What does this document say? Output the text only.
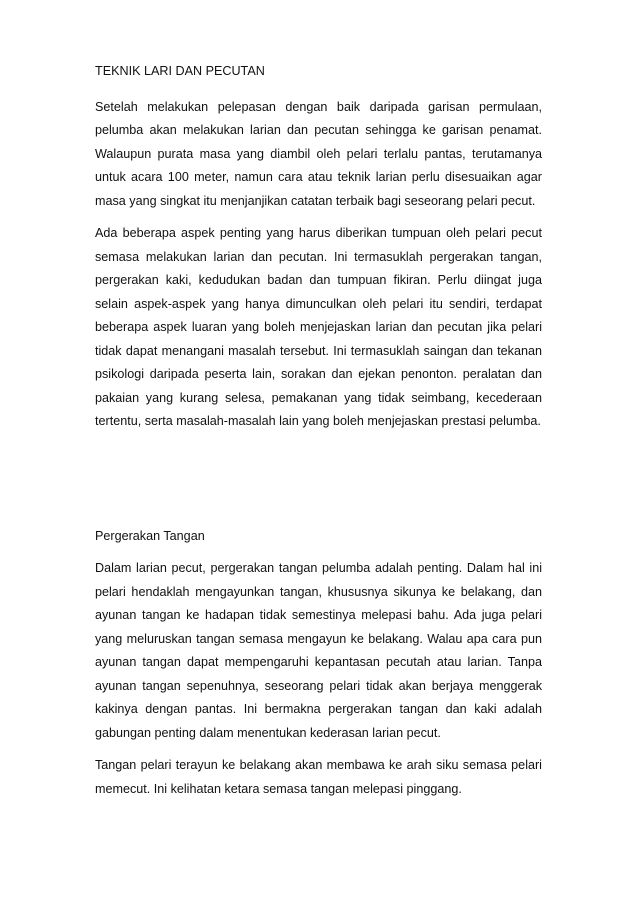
TEKNIK LARI DAN PECUTAN

Setelah melakukan pelepasan dengan baik daripada garisan permulaan, pelumba akan melakukan larian dan pecutan sehingga ke garisan penamat. Walaupun purata masa yang diambil oleh pelari terlalu pantas, terutamanya untuk acara 100 meter, namun cara atau teknik larian perlu disesuaikan agar masa yang singkat itu menjanjikan catatan terbaik bagi seseorang pelari pecut.

Ada beberapa aspek penting yang harus diberikan tumpuan oleh pelari pecut semasa melakukan larian dan pecutan. Ini termasuklah pergerakan tangan, pergerakan kaki, kedudukan badan dan tumpuan fikiran. Perlu diingat juga selain aspek-aspek yang hanya dimunculkan oleh pelari itu sendiri, terdapat beberapa aspek luaran yang boleh menjejaskan larian dan pecutan jika pelari tidak dapat menangani masalah tersebut. Ini termasuklah saingan dan tekanan psikologi daripada peserta lain, sorakan dan ejekan penonton. peralatan dan pakaian yang kurang selesa, pemakanan yang tidak seimbang, kecederaan tertentu, serta masalah-masalah lain yang boleh menjejaskan prestasi pelumba.

Pergerakan Tangan

Dalam larian pecut, pergerakan tangan pelumba adalah penting. Dalam hal ini pelari hendaklah mengayunkan tangan, khususnya sikunya ke belakang, dan ayunan tangan ke hadapan tidak semestinya melepasi bahu. Ada juga pelari yang meluruskan tangan semasa mengayun ke belakang. Walau apa cara pun ayunan tangan dapat mempengaruhi kepantasan pecutah atau larian. Tanpa ayunan tangan sepenuhnya, seseorang pelari tidak akan berjaya menggerak kakinya dengan pantas. Ini bermakna pergerakan tangan dan kaki adalah gabungan penting dalam menentukan kederasan larian pecut.

Tangan pelari terayun ke belakang akan membawa ke arah siku semasa pelari memecut. Ini kelihatan ketara semasa tangan melepasi pinggang.
